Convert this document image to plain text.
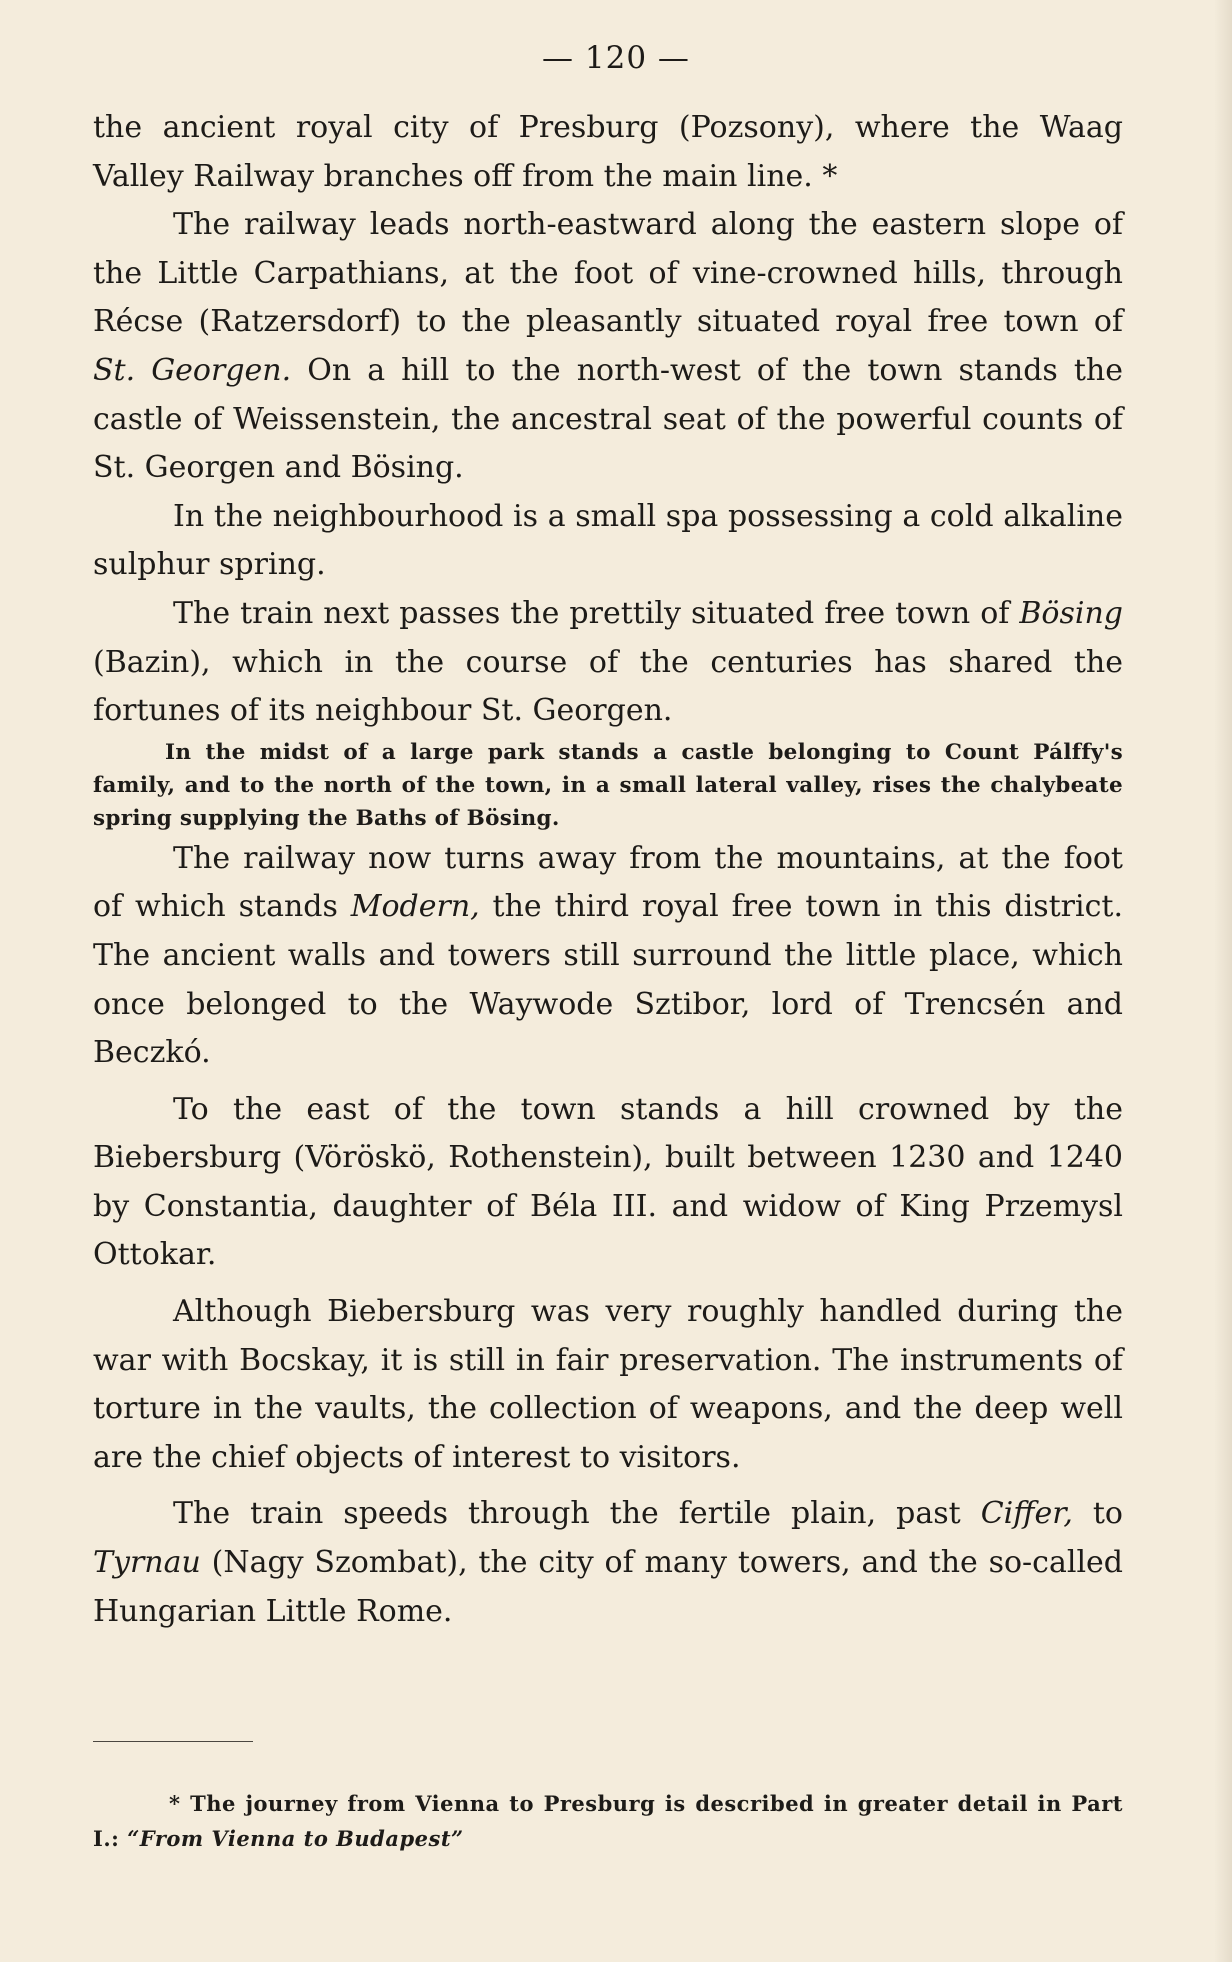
— 120 —

the ancient royal city of Presburg (Pozsony), where the Waag Valley Railway branches off from the main line. *

The railway leads north-eastward along the eastern slope of the Little Carpathians, at the foot of vine-crowned hills, through Récse (Ratzersdorf) to the pleasantly situated royal free town of St. Georgen. On a hill to the north-west of the town stands the castle of Weissenstein, the ancestral seat of the powerful counts of St. Georgen and Bösing.

In the neighbourhood is a small spa possessing a cold alkaline sulphur spring.

The train next passes the prettily situated free town of Bösing (Bazin), which in the course of the centuries has shared the fortunes of its neighbour St. Georgen.

In the midst of a large park stands a castle belonging to Count Pálffy's family, and to the north of the town, in a small lateral valley, rises the chalybeate spring supplying the Baths of Bösing.

The railway now turns away from the mountains, at the foot of which stands Modern, the third royal free town in this district. The ancient walls and towers still surround the little place, which once belonged to the Waywode Sztibor, lord of Trencsén and Beczkó.

To the east of the town stands a hill crowned by the Biebersburg (Vöröskö, Rothenstein), built between 1230 and 1240 by Constantia, daughter of Béla III. and widow of King Przemysl Ottokar.

Although Biebersburg was very roughly handled during the war with Bocskay, it is still in fair preservation. The instruments of torture in the vaults, the collection of weapons, and the deep well are the chief objects of interest to visitors.

The train speeds through the fertile plain, past Ciffer, to Tyrnau (Nagy Szombat), the city of many towers, and the so-called Hungarian Little Rome.

* The journey from Vienna to Presburg is described in greater detail in Part I.: “From Vienna to Budapest”
